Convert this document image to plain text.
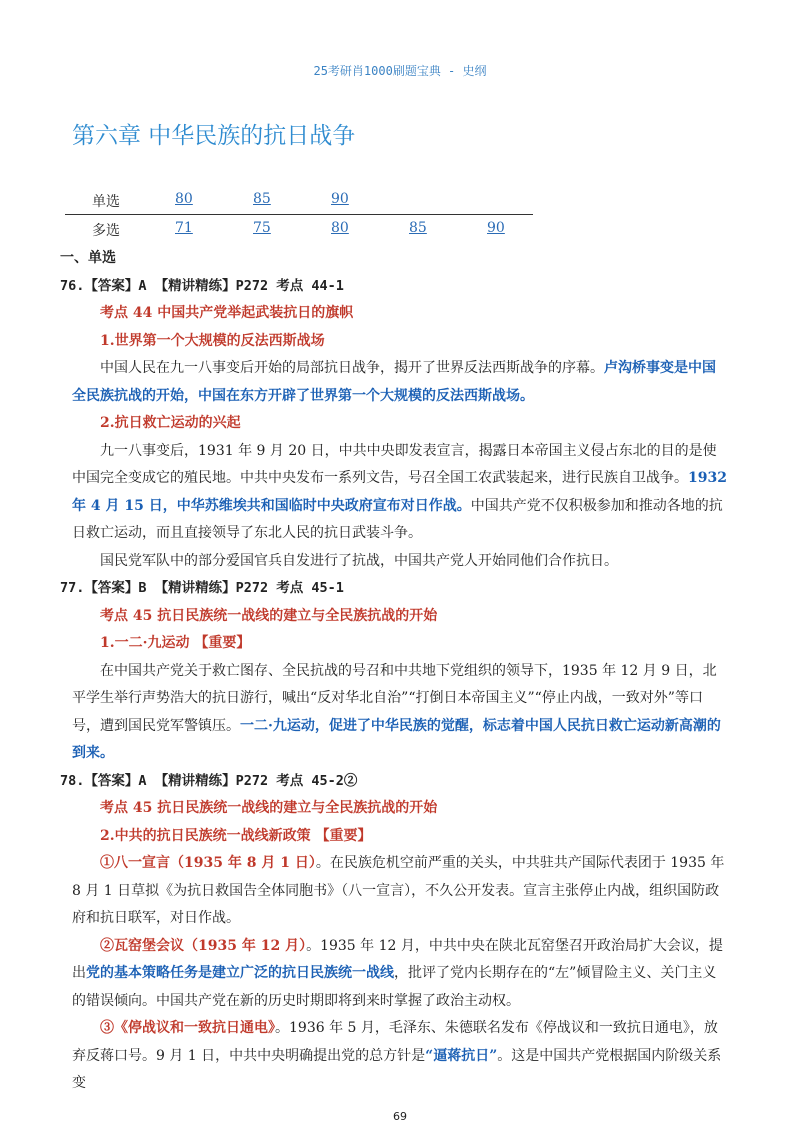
25考研肖1000刷题宝典 - 史纲
第六章 中华民族的抗日战争
单选	80	85	90
多选	71	75	80	85	90

一、单选

76.【答案】A 【精讲精练】P272 考点 44-1

考点 44 中国共产党举起武装抗日的旗帜

1.世界第一个大规模的反法西斯战场

中国人民在九一八事变后开始的局部抗日战争，揭开了世界反法西斯战争的序幕。卢沟桥事变是中国全民族抗战的开始，中国在东方开辟了世界第一个大规模的反法西斯战场。

2.抗日救亡运动的兴起

九一八事变后，1931 年 9 月 20 日，中共中央即发表宣言，揭露日本帝国主义侵占东北的目的是使中国完全变成它的殖民地。中共中央发布一系列文告，号召全国工农武装起来，进行民族自卫战争。1932 年 4 月 15 日，中华苏维埃共和国临时中央政府宣布对日作战。中国共产党不仅积极参加和推动各地的抗日救亡运动，而且直接领导了东北人民的抗日武装斗争。

国民党军队中的部分爱国官兵自发进行了抗战，中国共产党人开始同他们合作抗日。

77.【答案】B 【精讲精练】P272 考点 45-1

考点 45 抗日民族统一战线的建立与全民族抗战的开始

1.一二·九运动 【重要】

在中国共产党关于救亡图存、全民抗战的号召和中共地下党组织的领导下，1935 年 12 月 9 日，北平学生举行声势浩大的抗日游行，喊出“反对华北自治”“打倒日本帝国主义”“停止内战，一致对外”等口号，遭到国民党军警镇压。一二·九运动，促进了中华民族的觉醒，标志着中国人民抗日救亡运动新高潮的到来。

78.【答案】A 【精讲精练】P272 考点 45-2②

考点 45 抗日民族统一战线的建立与全民族抗战的开始

2.中共的抗日民族统一战线新政策 【重要】

①八一宣言（1935 年 8 月 1 日）。在民族危机空前严重的关头，中共驻共产国际代表团于 1935 年 8 月 1 日草拟《为抗日救国告全体同胞书》（八一宣言），不久公开发表。宣言主张停止内战，组织国防政府和抗日联军，对日作战。

②瓦窑堡会议（1935 年 12 月）。1935 年 12 月，中共中央在陕北瓦窑堡召开政治局扩大会议，提出党的基本策略任务是建立广泛的抗日民族统一战线，批评了党内长期存在的“左”倾冒险主义、关门主义的错误倾向。中国共产党在新的历史时期即将到来时掌握了政治主动权。

③《停战议和一致抗日通电》。1936 年 5 月，毛泽东、朱德联名发布《停战议和一致抗日通电》，放弃反蒋口号。9 月 1 日，中共中央明确提出党的总方针是“逼蒋抗日”。这是中国共产党根据国内阶级关系变

69
